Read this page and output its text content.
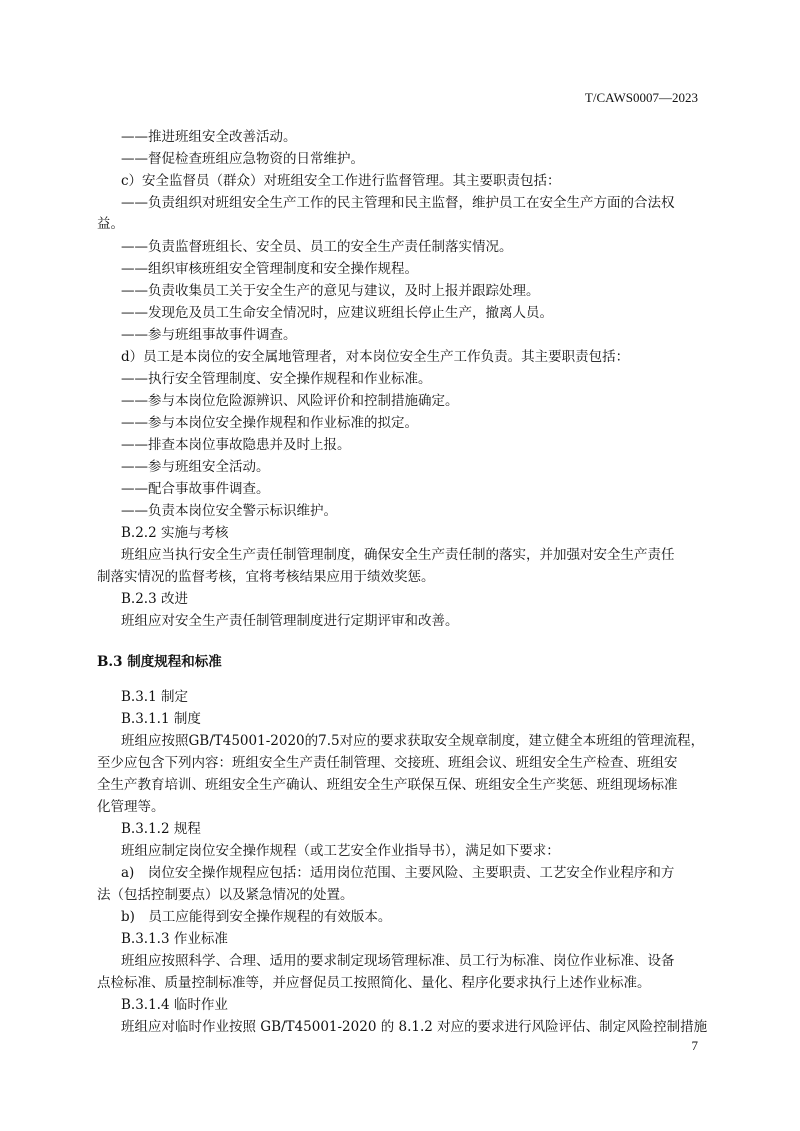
T/CAWS0007—2023
——推进班组安全改善活动。
——督促检查班组应急物资的日常维护。
c）安全监督员（群众）对班组安全工作进行监督管理。其主要职责包括：
——负责组织对班组安全生产工作的民主管理和民主监督，维护员工在安全生产方面的合法权
益。
——负责监督班组长、安全员、员工的安全生产责任制落实情况。
——组织审核班组安全管理制度和安全操作规程。
——负责收集员工关于安全生产的意见与建议，及时上报并跟踪处理。
——发现危及员工生命安全情况时，应建议班组长停止生产，撤离人员。
——参与班组事故事件调查。
d）员工是本岗位的安全属地管理者，对本岗位安全生产工作负责。其主要职责包括：
——执行安全管理制度、安全操作规程和作业标准。
——参与本岗位危险源辨识、风险评价和控制措施确定。
——参与本岗位安全操作规程和作业标准的拟定。
——排查本岗位事故隐患并及时上报。
——参与班组安全活动。
——配合事故事件调查。
——负责本岗位安全警示标识维护。
B.2.2 实施与考核
班组应当执行安全生产责任制管理制度，确保安全生产责任制的落实，并加强对安全生产责任
制落实情况的监督考核，宜将考核结果应用于绩效奖惩。
B.2.3 改进
班组应对安全生产责任制管理制度进行定期评审和改善。
B.3 制度规程和标准
B.3.1 制定
B.3.1.1 制度
班组应按照GB/T45001-2020的7.5对应的要求获取安全规章制度，建立健全本班组的管理流程，
至少应包含下列内容：班组安全生产责任制管理、交接班、班组会议、班组安全生产检查、班组安
全生产教育培训、班组安全生产确认、班组安全生产联保互保、班组安全生产奖惩、班组现场标准
化管理等。
B.3.1.2 规程
班组应制定岗位安全操作规程（或工艺安全作业指导书），满足如下要求：
a)　岗位安全操作规程应包括：适用岗位范围、主要风险、主要职责、工艺安全作业程序和方
法（包括控制要点）以及紧急情况的处置。
b)　员工应能得到安全操作规程的有效版本。
B.3.1.3 作业标准
班组应按照科学、合理、适用的要求制定现场管理标准、员工行为标准、岗位作业标准、设备
点检标准、质量控制标准等，并应督促员工按照简化、量化、程序化要求执行上述作业标准。
B.3.1.4 临时作业
班组应对临时作业按照 GB/T45001-2020 的 8.1.2 对应的要求进行风险评估、制定风险控制措施
7
